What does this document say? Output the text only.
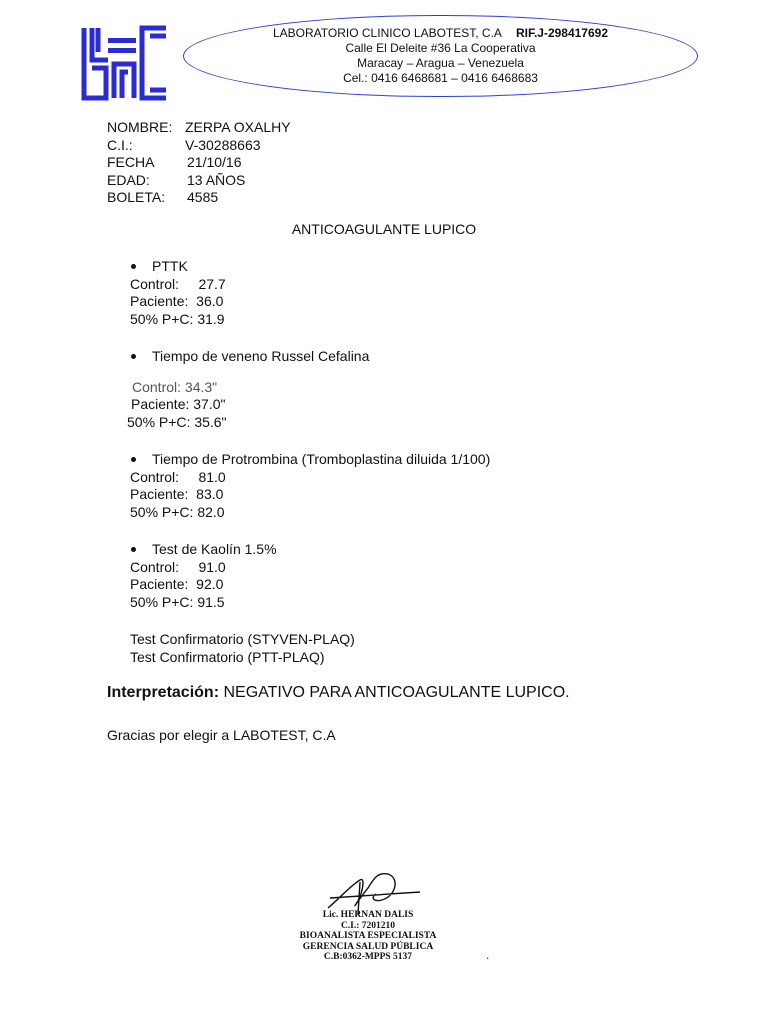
LABORATORIO CLINICO LABOTEST, C.A RIF.J-298417692
Calle El Deleite #36 La Cooperativa
Maracay – Aragua – Venezuela
Cel.: 0416 6468681 – 0416 6468683
NOMBRE: ZERPA OXALHY
C.I.:	V-30288663
FECHA	21/10/16
EDAD:	13 AÑOS
BOLETA:	4585
ANTICOAGULANTE LUPICO
PTTK
Control:     27.7
Paciente:  36.0
50% P+C: 31.9
Tiempo de veneno Russel Cefalina
Control: 34.3"
Paciente: 37.0"
50% P+C: 35.6"
Tiempo de Protrombina (Tromboplastina diluida 1/100)
Control:     81.0
Paciente:  83.0
50% P+C: 82.0
Test de Kaolín 1.5%
Control:     91.0
Paciente:  92.0
50% P+C: 91.5
Test Confirmatorio (STYVEN-PLAQ)
Test Confirmatorio (PTT-PLAQ)
Interpretación: NEGATIVO PARA ANTICOAGULANTE LUPICO.
Gracias por elegir a LABOTEST, C.A
Lic. HERNAN DALIS
C.I.: 7201210
BIOANALISTA ESPECIALISTA
GERENCIA SALUD PÚBLICA
C.B:0362-MPPS 5137	.
